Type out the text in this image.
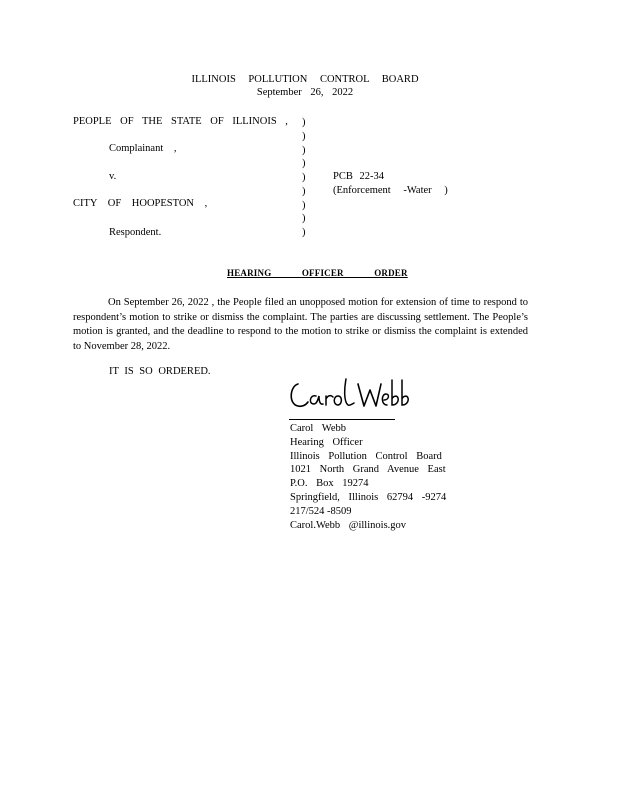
ILLINOIS POLLUTION CONTROL BOARD
September 26, 2022
PEOPLE OF THE STATE OF ILLINOIS ,
Complainant ,
v.
CITY OF HOOPESTON ,
Respondent.
)
)
)
)
)
)
)
)
)
PCB 22-34
(Enforcement -Water )
HEARING OFFICER ORDER
On September 26, 2022 , the People filed an unopposed motion for extension of time to respond to respondent’s motion to strike or dismiss the complaint. The parties are discussing settlement. The People’s motion is granted, and the deadline to respond to the motion to strike or dismiss the complaint is extended to November 28, 2022.
IT IS SO ORDERED.
Carol Webb
Hearing Officer
Illinois Pollution Control Board
1021 North Grand Avenue East
P.O. Box 19274
Springfield, Illinois 62794 -9274
217/524 -8509
Carol.Webb @illinois.gov
